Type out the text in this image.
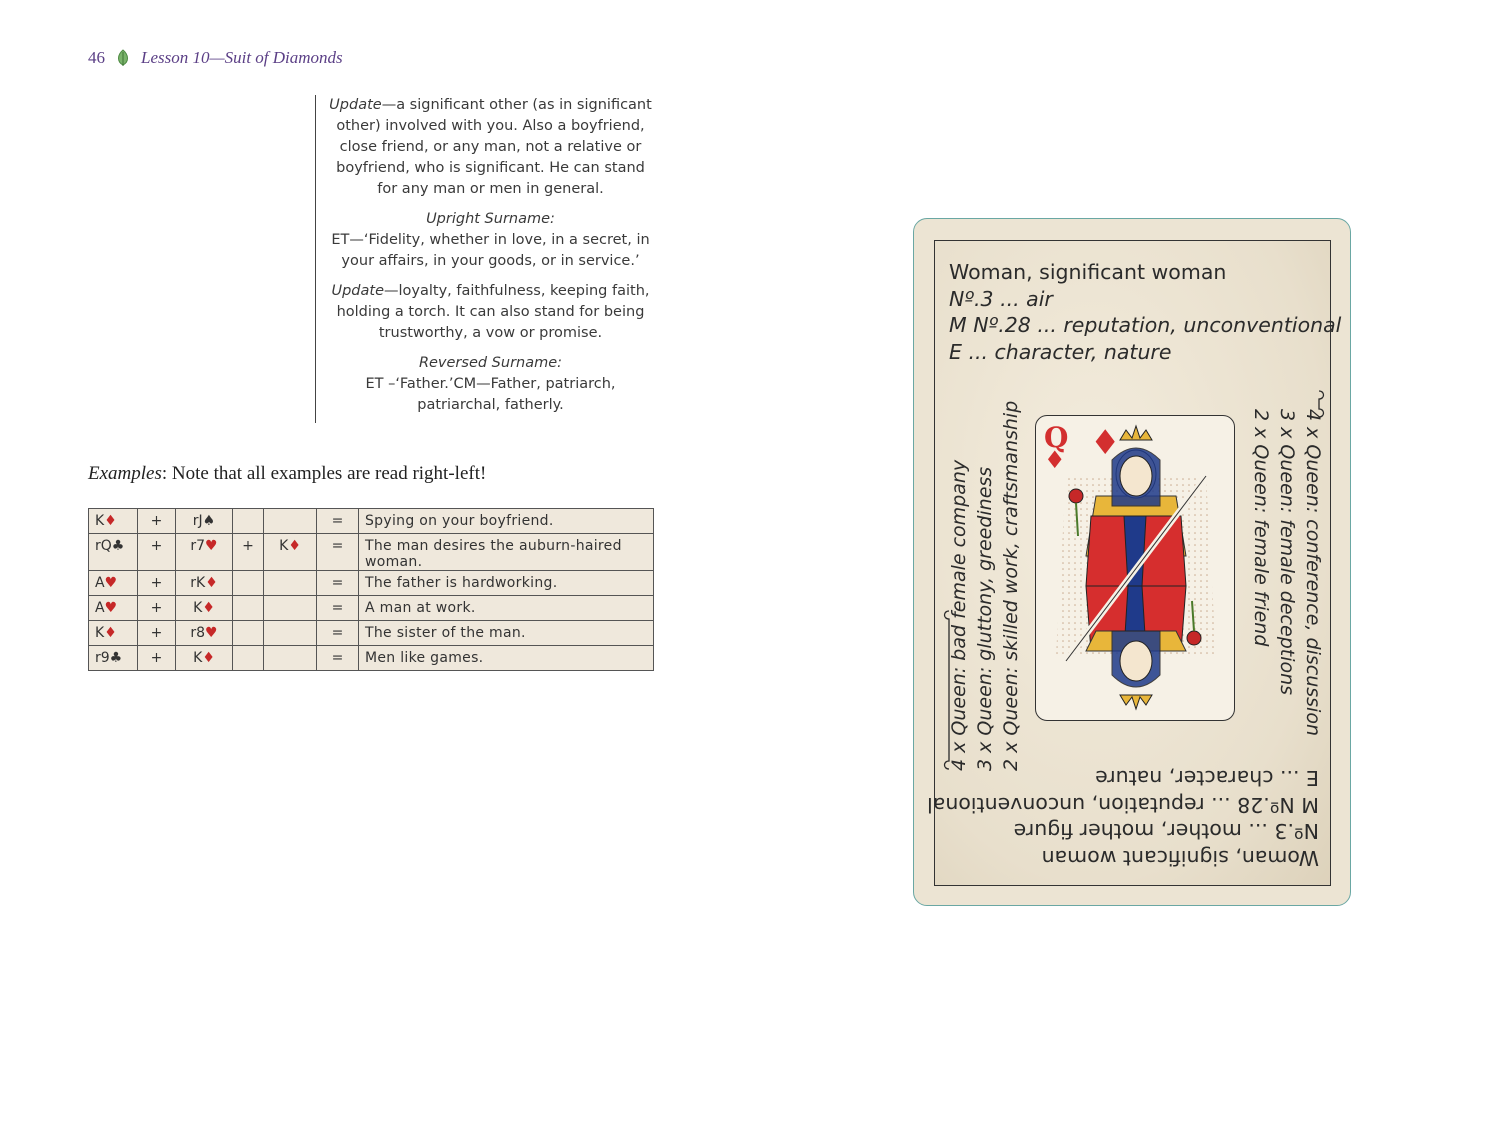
46 Lesson 10—Suit of Diamonds

Update—a significant other (as in significant other) involved with you. Also a boyfriend, close friend, or any man, not a relative or boyfriend, who is significant. He can stand for any man or men in general.

Upright Surname:

ET—‘Fidelity, whether in love, in a secret, in your affairs, in your goods, or in service.’

Update—loyalty, faithfulness, keeping faith, holding a torch. It can also stand for being trustworthy, a vow or promise.

Reversed Surname:

ET –‘Father.’CM—Father, patriarch, patriarchal, fatherly.

Examples: Note that all examples are read right-left!
K♦	+	rJ♠			=	Spying on your boyfriend.
rQ♣	+	r7♥	+	K♦	=	The man desires the auburn-haired woman.
A♥	+	rK♦			=	The father is hardworking.
A♥	+	K♦			=	A man at work.
K♦	+	r8♥			=	The sister of the man.
r9♣	+	K♦			=	Men like games.
Woman, significant woman
Nº.3 ... air
M Nº.28 ... reputation, unconventional
E ... character, nature
4 x Queen: bad female company 3 x Queen: gluttony, greediness 2 x Queen: skilled work, craftsmanship	4 x Queen: conference, discussion
3 x Queen: female deceptions
2 x Queen: female friend
Q
♦ ♦
Woman, significant woman
Nº.3 ... mother, mother figure
M Nº.28 ... reputation, unconventional
E ... character, nature
